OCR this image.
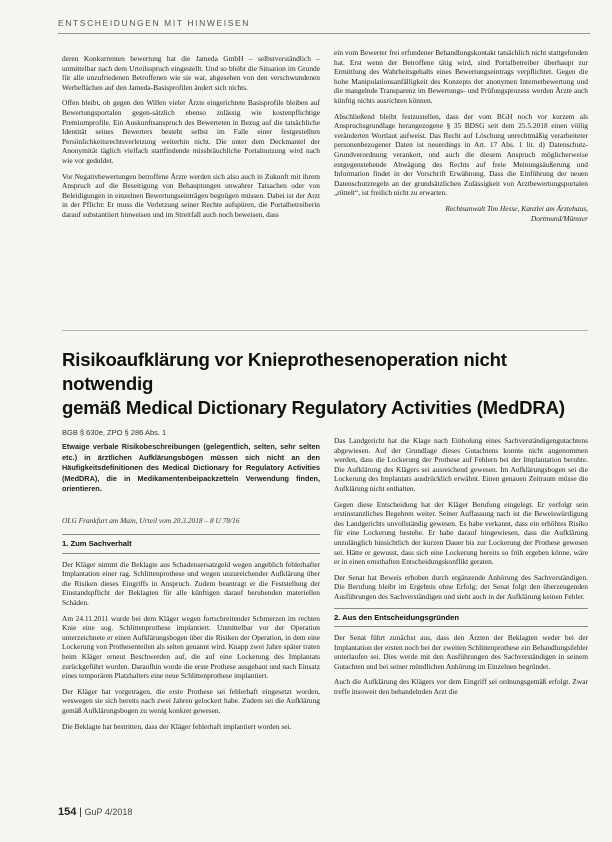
ENTSCHEIDUNGEN MIT HINWEISEN

deren Konkurrenten bewertung hat die Jameda GmbH – selbstverständlich – unmittelbar nach dem Urteilsspruch eingestellt. Und so bleibt die Situation im Grunde für alle unzufriedenen Betroffenen wie sie war, abgesehen von den verschwundenen Werbeflächen auf den Jameda-Basisprofilen ändert sich nichts.

Offen bleibt, ob gegen den Willen vieler Ärzte eingerichtete Basisprofile bleiben auf Bewertungsportalen gegen-sätzlich ebenso zulässig wie kostenpflichtige Premiumprofile. Ein Auskunftsanspruch des Bewerteten in Bezug auf die tatsächliche Identität seines Bewerters besteht selbst im Falle einer festgestellten Persönlichkeitsrechtsverletzung weiterhin nicht. Die unter dem Deckmantel der Anonymität täglich vielfach stattfindende missbräuchliche Portalnutzung wird nach wie vor geduldet.

Vor Negativbewertungen betroffene Ärzte werden sich also auch in Zukunft mit ihrem Anspruch auf die Beseitigung von Behauptungen unwahrer Tatsachen oder von Beleidigungen in einzelnen Bewertungseinträgen begnügen müssen. Dabei ist der Arzt in der Pflicht: Er muss die Verletzung seiner Rechte aufspüren, die Portalbetreiberin darauf substantiiert hinweisen und im Streitfall auch noch beweisen, dass

ein vom Bewerter frei erfundener Behandlungskontakt tatsächlich nicht stattgefunden hat. Erst wenn der Betroffene tätig wird, sind Portalbetreiber überhaupt zur Ermittlung des Wahrheitsgehalts eines Bewertungseintrags verpflichtet. Gegen die hohe Manipulationsanfälligkeit des Konzepts der anonymen Internetbewertung und die mangelnde Transparenz im Bewertungs- und Prüfungsprozess werden Ärzte auch künftig nichts ausrichten können.

Abschließend bleibt festzustellen, dass der vom BGH noch vor kurzem als Anspruchsgrundlage herangezogene § 35 BDSG seit dem 25.5.2018 einen völlig veränderten Wortlaut aufweist. Das Recht auf Löschung unrechtmäßig verarbeiteter personenbezogener Daten ist neuerdings in Art. 17 Abs. 1 lit. d) Datenschutz-Grundverordnung verankert, und auch die diesem Anspruch möglicherweise entgegenstehende Abwägung des Rechts auf freie Meinungsäußerung und Information findet in der Vorschrift Erwähnung. Dass die Einführung der neuen Datenschutzregeln an der grundsätzlichen Zulässigkeit von Arztbewertungsportalen „rüttelt“, ist freilich nicht zu erwarten.

Rechtsanwalt Tim Hesse, Kanzlei am Ärztehaus,
Dortmund/Münster
Risikoaufklärung vor Knieprothesenoperation nicht notwendig
gemäß Medical Dictionary Regulatory Activities (MedDRA)
BGB § 630e, ZPO § 286 Abs. 1
Etwaige verbale Risikobeschreibungen (gelegentlich, selten, sehr selten etc.) in ärztlichen Aufklärungsbögen müssen sich nicht an den Häufigkeitsdefinitionen des Medical Dictionary for Regulatory Activities (MedDRA), die in Medikamentenbeipackzetteln Verwendung finden, orientieren.
OLG Frankfurt am Main, Urteil vom 20.3.2018 – 8 U 78/16
1. Zum Sachverhalt

Der Kläger nimmt die Beklagte aus Schadensersatzgeld wegen angeblich fehlerhafter Implantation einer rag. Schlittenprothese und wegen unzureichender Aufklärung über die Risiken dieses Eingriffs in Anspruch. Zudem beantragt er die Feststellung der Einstandspflicht der Beklagten für alle künftigen darauf beruhenden materiellen Schäden.

Am 24.11.2011 wurde bei dem Kläger wegen fortschreitender Schmerzen im rechten Knie eine sog. Schlittenprothese implantiert. Unmittelbar vor der Operation unterzeichnete er einen Aufklärungsbogen über die Risiken der Operation, in dem eine Lockerung von Prothesenteilen als selten genannt wird. Knapp zwei Jahre später traten beim Kläger erneut Beschwerden auf, die auf eine Lockerung des Implantats zurückgeführt wurden. Daraufhin wurde die erste Prothese ausgebaut und nach Einsatz eines temporären Platzhalters eine neue Schlittenprothese implantiert.

Der Kläger hat vorgetragen, die erste Prothese sei fehlerhaft eingesetzt worden, weswegen sie sich bereits nach zwei Jahren gelockert habe. Zudem sei die Aufklärung gemäß Aufklärungsbogen zu wenig konkret gewesen.

Die Beklagte hat bestritten, dass der Kläger fehlerhaft implantiert worden sei.

Das Landgericht hat die Klage nach Einholung eines Sachverständigengutachtens abgewiesen. Auf der Grundlage dieses Gutachtens konnte nicht angenommen werden, dass die Lockerung der Prothese auf Fehlern bei der Implantation beruhte. Die Aufklärung des Klägers sei ausreichend gewesen. Im Aufklärungsbogen sei die Lockerung des Implantats ausdrücklich erwähnt. Einen genauen Zeitraum müsse die Aufklärung nicht enthalten.

Gegen diese Entscheidung hat der Kläger Berufung eingelegt. Er verfolgt sein erstinstanzliches Begehren weiter. Seiner Auffassung nach ist die Beweiswürdigung des Landgerichts unvollständig gewesen. Es habe verkannt, dass ein erhöhtes Risiko für eine Lockerung bestehe. Er habe darauf hingewiesen, dass die Aufklärung unzulänglich hinsichtlich der kurzen Dauer bis zur Lockerung der Prothese gewesen sei. Hätte er gewusst, dass sich eine Lockerung bereits so früh ergeben könne, wäre er in einen ernsthaften Entscheidungskonflikt geraten.

Der Senat hat Beweis erhoben durch ergänzende Anhörung des Sachverständigen. Die Berufung bleibt im Ergebnis ohne Erfolg; der Senat folgt den überzeugenden Ausführungen des Sachverständigen und sieht auch in der Aufklärung keinen Fehler.

2. Aus den Entscheidungsgründen

Der Senat führt zunächst aus, dass den Ärzten der Beklagten weder bei der Implantation der ersten noch bei der zweiten Schlittenprothese ein Behandlungsfehler unterlaufen sei. Dies werde mit den Ausführungen des Sachverständigen in seinem Gutachten und bei seiner mündlichen Anhörung im Einzelnen begründet.

Auch die Aufklärung des Klägers vor dem Eingriff sei ordnungsgemäß erfolgt. Zwar treffe insoweit den behandelnden Arzt die

154 | GuP 4/2018
